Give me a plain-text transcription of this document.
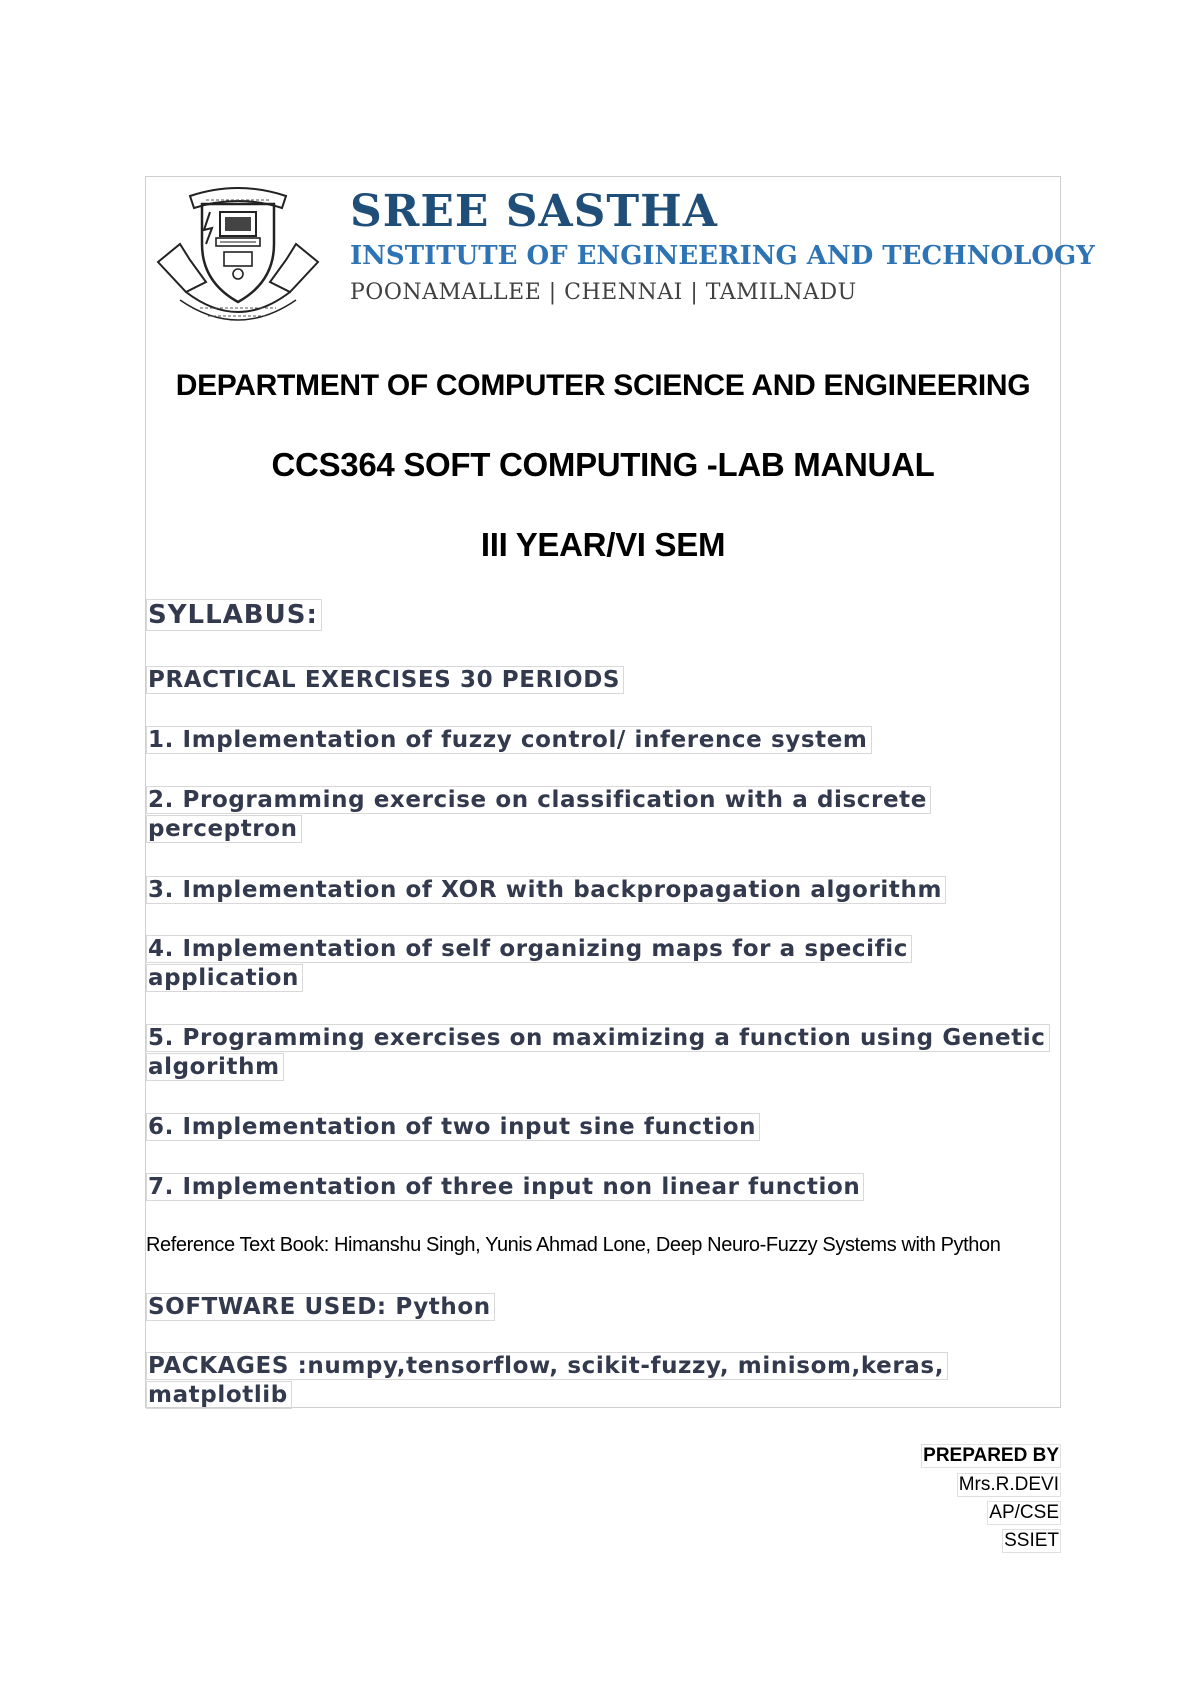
SREE SASTHA
INSTITUTE OF ENGINEERING AND TECHNOLOGY
POONAMALLEE | CHENNAI | TAMILNADU
DEPARTMENT OF COMPUTER SCIENCE AND ENGINEERING
CCS364 SOFT COMPUTING -LAB MANUAL
III YEAR/VI SEM
SYLLABUS:
PRACTICAL EXERCISES 30 PERIODS
1. Implementation of fuzzy control/ inference system
2. Programming exercise on classification with a discrete perceptron
3. Implementation of XOR with backpropagation algorithm
4. Implementation of self organizing maps for a specific application
5. Programming exercises on maximizing a function using Genetic algorithm
6. Implementation of two input sine function
7. Implementation of three input non linear function
Reference Text Book: Himanshu Singh, Yunis Ahmad Lone, Deep Neuro-Fuzzy Systems with Python
SOFTWARE USED: Python
PACKAGES :numpy,tensorflow, scikit-fuzzy, minisom,keras, matplotlib
PREPARED BY
Mrs.R.DEVI
AP/CSE
SSIET
